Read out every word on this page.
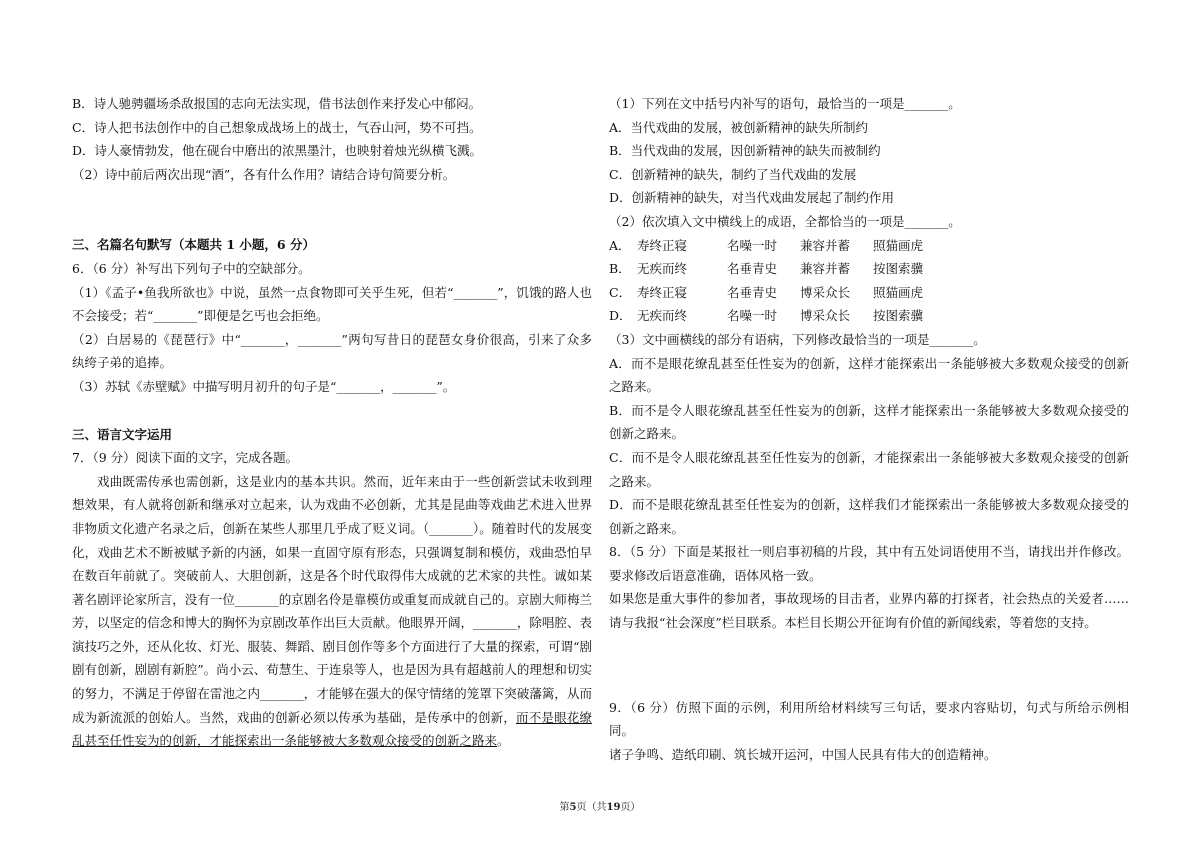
B．诗人驰骋疆场杀敌报国的志向无法实现，借书法创作来抒发心中郁闷。

C．诗人把书法创作中的自己想象成战场上的战士，气吞山河，势不可挡。

D．诗人豪情勃发，他在砚台中磨出的浓黑墨汁，也映射着烛光纵横飞溅。

（2）诗中前后两次出现“酒”，各有什么作用？请结合诗句简要分析。

三、名篇名句默写（本题共 1 小题，6 分）

6．（6 分）补写出下列句子中的空缺部分。

（1）《孟子•鱼我所欲也》中说，虽然一点食物即可关乎生死，但若“_______”，饥饿的路人也不会接受；若“_______”即便是乞丐也会拒绝。

（2）白居易的《琵琶行》中“_______，_______”两句写昔日的琵琶女身价很高，引来了众多纨绔子弟的追捧。

（3）苏轼《赤壁赋》中描写明月初升的句子是“_______，_______”。

三、语言文字运用

7．（9 分）阅读下面的文字，完成各题。

戏曲既需传承也需创新，这是业内的基本共识。然而，近年来由于一些创新尝试未收到理想效果，有人就将创新和继承对立起来，认为戏曲不必创新，尤其是昆曲等戏曲艺术进入世界非物质文化遗产名录之后，创新在某些人那里几乎成了贬义词。（_______）。随着时代的发展变化，戏曲艺术不断被赋予新的内涵，如果一直固守原有形态，只强调复制和模仿，戏曲恐怕早在数百年前就了。突破前人、大胆创新，这是各个时代取得伟大成就的艺术家的共性。诚如某著名剧评论家所言，没有一位_______的京剧名伶是靠模仿或重复而成就自己的。京剧大师梅兰芳，以坚定的信念和博大的胸怀为京剧改革作出巨大贡献。他眼界开阔，_______，除唱腔、表演技巧之外，还从化妆、灯光、服装、舞蹈、剧目创作等多个方面进行了大量的探索，可谓“剧剧有创新，剧剧有新腔”。尚小云、荀慧生、于连泉等人，也是因为具有超越前人的理想和切实的努力，不满足于停留在雷池之内_______，才能够在强大的保守情绪的笼罩下突破藩篱，从而成为新流派的创始人。当然，戏曲的创新必须以传承为基础，是传承中的创新，而不是眼花缭乱甚至任性妄为的创新，才能探索出一条能够被大多数观众接受的创新之路来。

（1）下列在文中括号内补写的语句，最恰当的一项是_______。

A．当代戏曲的发展，被创新精神的缺失所制约

B．当代戏曲的发展，因创新精神的缺失而被制约

C．创新精神的缺失，制约了当代戏曲的发展

D．创新精神的缺失，对当代戏曲发展起了制约作用

（2）依次填入文中横线上的成语，全都恰当的一项是_______。

A． 寿终正寝	名噪一时	兼容并蓄	照猫画虎
B． 无疾而终	名垂青史	兼容并蓄	按图索骥
C． 寿终正寝	名垂青史	博采众长	照猫画虎
D． 无疾而终	名噪一时	博采众长	按图索骥

（3）文中画横线的部分有语病，下列修改最恰当的一项是_______。

A．而不是眼花缭乱甚至任性妄为的创新，这样才能探索出一条能够被大多数观众接受的创新之路来。

B．而不是令人眼花缭乱甚至任性妄为的创新，这样才能探索出一条能够被大多数观众接受的创新之路来。

C．而不是令人眼花缭乱甚至任性妄为的创新，才能探索出一条能够被大多数观众接受的创新之路来。

D．而不是眼花缭乱甚至任性妄为的创新，这样我们才能探索出一条能够被大多数观众接受的创新之路来。

8．（5 分）下面是某报社一则启事初稿的片段，其中有五处词语使用不当，请找出并作修改。要求修改后语意准确，语体风格一致。

如果您是重大事件的参加者，事故现场的目击者，业界内幕的打探者，社会热点的关爱者……请与我报“社会深度”栏目联系。本栏目长期公开征询有价值的新闻线索，等着您的支持。

9．（6 分）仿照下面的示例，利用所给材料续写三句话，要求内容贴切，句式与所给示例相同。

诸子争鸣、造纸印刷、筑长城开运河，中国人民具有伟大的创造精神。

第5页（共19页）
